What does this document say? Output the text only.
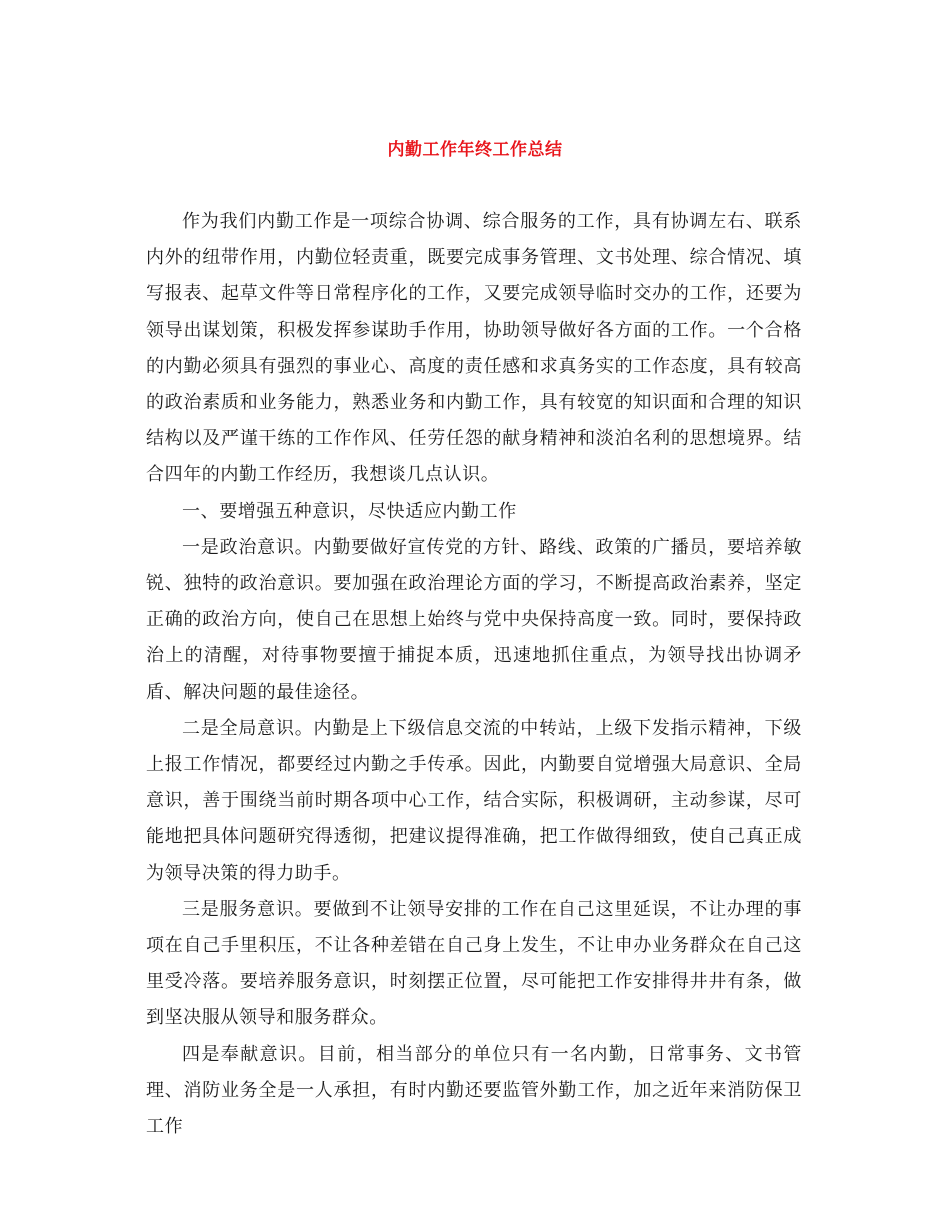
内勤工作年终工作总结

作为我们内勤工作是一项综合协调、综合服务的工作，具有协调左右、联系内外的纽带作用，内勤位轻责重，既要完成事务管理、文书处理、综合情况、填写报表、起草文件等日常程序化的工作，又要完成领导临时交办的工作，还要为领导出谋划策，积极发挥参谋助手作用，协助领导做好各方面的工作。一个合格的内勤必须具有强烈的事业心、高度的责任感和求真务实的工作态度，具有较高的政治素质和业务能力，熟悉业务和内勤工作，具有较宽的知识面和合理的知识结构以及严谨干练的工作作风、任劳任怨的献身精神和淡泊名利的思想境界。结合四年的内勤工作经历，我想谈几点认识。

一、要增强五种意识，尽快适应内勤工作

一是政治意识。内勤要做好宣传党的方针、路线、政策的广播员，要培养敏锐、独特的政治意识。要加强在政治理论方面的学习，不断提高政治素养，坚定正确的政治方向，使自己在思想上始终与党中央保持高度一致。同时，要保持政治上的清醒，对待事物要擅于捕捉本质，迅速地抓住重点，为领导找出协调矛盾、解决问题的最佳途径。

二是全局意识。内勤是上下级信息交流的中转站，上级下发指示精神，下级上报工作情况，都要经过内勤之手传承。因此，内勤要自觉增强大局意识、全局意识，善于围绕当前时期各项中心工作，结合实际，积极调研，主动参谋，尽可能地把具体问题研究得透彻，把建议提得准确，把工作做得细致，使自己真正成为领导决策的得力助手。

三是服务意识。要做到不让领导安排的工作在自己这里延误，不让办理的事项在自己手里积压，不让各种差错在自己身上发生，不让申办业务群众在自己这里受冷落。要培养服务意识，时刻摆正位置，尽可能把工作安排得井井有条，做到坚决服从领导和服务群众。

四是奉献意识。目前，相当部分的单位只有一名内勤，日常事务、文书管理、消防业务全是一人承担，有时内勤还要监管外勤工作，加之近年来消防保卫工作
